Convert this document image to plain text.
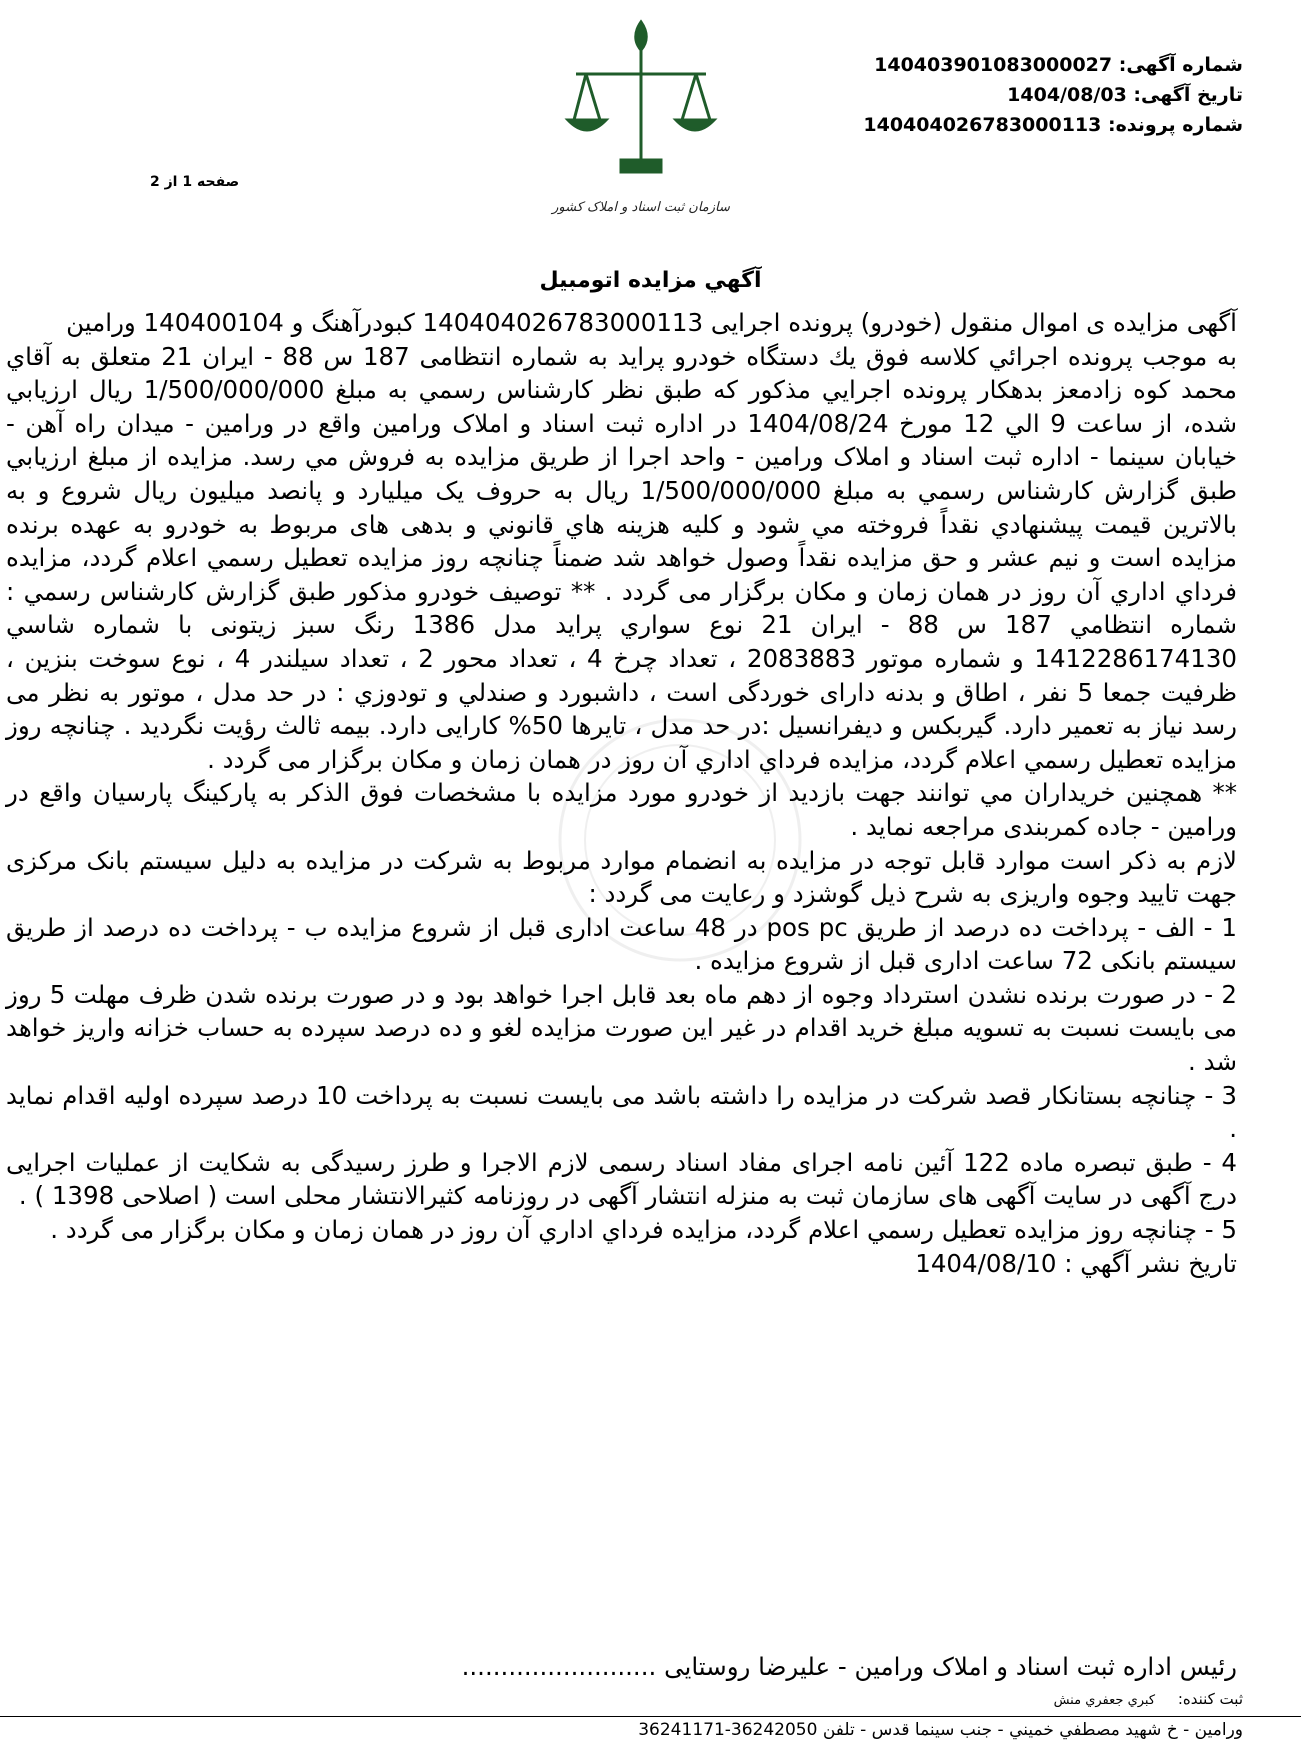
سازمان ثبت اسناد و املاک کشور
شماره آگهی: 140403901083000027
تاریخ آگهی: 1404/08/03
شماره پرونده: 140404026783000113
صفحه 1 از 2
آگهي مزايده اتومبيل

آگهی مزایده ی اموال منقول (خودرو) پرونده اجرایی 140404026783000113 کبودرآهنگ و 140400104 ورامین

به موجب پرونده اجرائي كلاسه فوق يك دستگاه خودرو پرايد به شماره انتظامی 187 س 88 - ایران 21 متعلق به آقاي محمد كوه زادمعز بدهكار پرونده اجرايي مذكور كه طبق نظر كارشناس رسمي به مبلغ 1/500/000/000 ريال ارزيابي شده، از ساعت 9 الي 12 مورخ 1404/08/24 در اداره ثبت اسناد و املاک ورامين واقع در ورامين - میدان راه آهن - خیابان سینما - اداره ثبت اسناد و املاک ورامین - واحد اجرا از طريق مزايده به فروش مي رسد. مزايده از مبلغ ارزيابي طبق گزارش كارشناس رسمي به مبلغ 1/500/000/000 ريال به حروف یک میلیارد و پانصد میلیون ریال شروع و به بالاترين قيمت پيشنهادي نقداً فروخته مي شود و كليه هزينه هاي قانوني و بدهی های مربوط به خودرو به عهده برنده مزايده است و نيم عشر و حق مزايده نقداً وصول خواهد شد ضمناً چنانچه روز مزايده تعطيل رسمي اعلام گردد، مزايده فرداي اداري آن روز در همان زمان و مكان برگزار می گردد . ** توصيف خودرو مذكور طبق گزارش كارشناس رسمي : شماره انتظامي 187 س 88 - ایران 21 نوع سواري پرايد مدل 1386 رنگ سبز زيتونی با شماره شاسي 1412286174130 و شماره موتور 2083883 ، تعداد چرخ 4 ، تعداد محور 2 ، تعداد سیلندر 4 ، نوع سوخت بنزين ، ظرفیت جمعا 5 نفر ، اطاق و بدنه دارای خوردگی است ، داشبورد و صندلي و تودوزي : در حد مدل ، موتور به نظر می رسد نیاز به تعمیر دارد. گیربکس و دیفرانسیل :در حد مدل ، تایرها 50% کارایی دارد. بیمه ثالث رؤيت نگرديد . چنانچه روز مزايده تعطيل رسمي اعلام گردد، مزايده فرداي اداري آن روز در همان زمان و مكان برگزار می گردد .

** همچنين خريداران مي توانند جهت بازديد از خودرو مورد مزايده با مشخصات فوق الذكر به پاركينگ پارسیان واقع در ورامین - جاده کمربندی مراجعه نمايد .

لازم به ذکر است موارد قابل توجه در مزایده به انضمام موارد مربوط به شرکت در مزایده به دلیل سیستم بانک مرکزی جهت تایید وجوه واریزی به شرح ذیل گوشزد و رعایت می گردد :

1 - الف - پرداخت ده درصد از طریق pos pc در 48 ساعت اداری قبل از شروع مزایده ب - پرداخت ده درصد از طریق سیستم بانکی 72 ساعت اداری قبل از شروع مزایده .

2 - در صورت برنده نشدن استرداد وجوه از دهم ماه بعد قابل اجرا خواهد بود و در صورت برنده شدن ظرف مهلت 5 روز می بایست نسبت به تسویه مبلغ خرید اقدام در غیر این صورت مزایده لغو و ده درصد سپرده به حساب خزانه واریز خواهد شد .

3 - چنانچه بستانکار قصد شرکت در مزایده را داشته باشد می بایست نسبت به پرداخت 10 درصد سپرده اولیه اقدام نماید .

4 - طبق تبصره ماده 122 آئین نامه اجرای مفاد اسناد رسمی لازم الاجرا و طرز رسیدگی به شکایت از عملیات اجرایی درج آگهی در سایت آگهی های سازمان ثبت به منزله انتشار آگهی در روزنامه کثیرالانتشار محلی است ( اصلاحی 1398 ) .

5 - چنانچه روز مزايده تعطيل رسمي اعلام گردد، مزايده فرداي اداري آن روز در همان زمان و مكان برگزار می گردد .

تاریخ نشر آگهي : 1404/08/10

رئیس اداره ثبت اسناد و املاک ورامین - علیرضا روستایی .........................
ثبت كننده: كبري جعفري منش
ورامين - خ شهيد مصطفي خميني - جنب سينما قدس - تلفن 36242050-36241171
